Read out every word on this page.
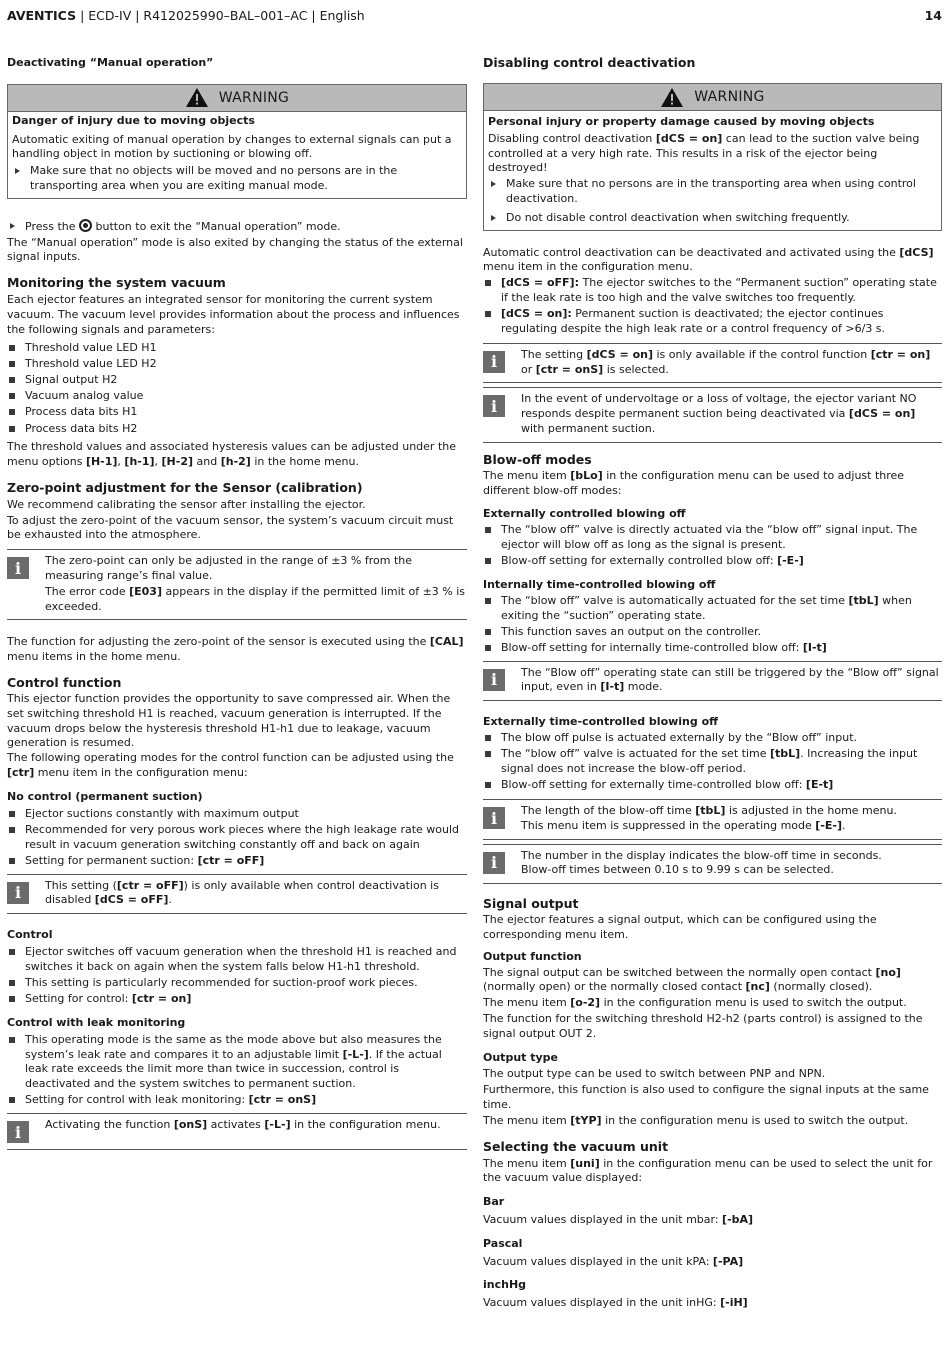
AVENTICS | ECD-IV | R412025990–BAL–001–AC | English	14

Deactivating “Manual operation”

WARNING

Danger of injury due to moving objects

Automatic exiting of manual operation by changes to external signals can put a handling object in motion by suctioning or blowing off.

Make sure that no objects will be moved and no persons are in the transporting area when you are exiting manual mode.
Press the  button to exit the “Manual operation” mode.

The “Manual operation” mode is also exited by changing the status of the external signal inputs.

Monitoring the system vacuum

Each ejector features an integrated sensor for monitoring the current system vacuum. The vacuum level provides information about the process and influences the following signals and parameters:

Threshold value LED H1
Threshold value LED H2
Signal output H2
Vacuum analog value
Process data bits H1
Process data bits H2

The threshold values and associated hysteresis values can be adjusted under the menu options [H-1], [h-1], [H-2] and [h-2] in the home menu.

Zero-point adjustment for the Sensor (calibration)

We recommend calibrating the sensor after installing the ejector.

To adjust the zero-point of the vacuum sensor, the system’s vacuum circuit must be exhausted into the atmosphere.

i	The zero-point can only be adjusted in the range of ±3 % from the measuring range’s final value.

The error code [E03] appears in the display if the permitted limit of ±3 % is exceeded.

The function for adjusting the zero-point of the sensor is executed using the [CAL] menu items in the home menu.

Control function

This ejector function provides the opportunity to save compressed air. When the set switching threshold H1 is reached, vacuum generation is interrupted. If the vacuum drops below the hysteresis threshold H1-h1 due to leakage, vacuum generation is resumed.

The following operating modes for the control function can be adjusted using the [ctr] menu item in the configuration menu:

No control (permanent suction)

Ejector suctions constantly with maximum output
Recommended for very porous work pieces where the high leakage rate would result in vacuum generation switching constantly off and back on again
Setting for permanent suction: [ctr = oFF]
i	This setting ([ctr = oFF]) is only available when control deactivation is disabled [dCS = oFF].

Control

Ejector switches off vacuum generation when the threshold H1 is reached and switches it back on again when the system falls below H1-h1 threshold.
This setting is particularly recommended for suction-proof work pieces.
Setting for control: [ctr = on]

Control with leak monitoring

This operating mode is the same as the mode above but also measures the system’s leak rate and compares it to an adjustable limit [-L-]. If the actual leak rate exceeds the limit more than twice in succession, control is deactivated and the system switches to permanent suction.
Setting for control with leak monitoring: [ctr = onS]
i	Activating the function [onS] activates [-L-] in the configuration menu.

Disabling control deactivation

WARNING

Personal injury or property damage caused by moving objects

Disabling control deactivation [dCS = on] can lead to the suction valve being controlled at a very high rate. This results in a risk of the ejector being destroyed!

Make sure that no persons are in the transporting area when using control deactivation.
Do not disable control deactivation when switching frequently.

Automatic control deactivation can be deactivated and activated using the [dCS] menu item in the configuration menu.

[dCS = oFF]: The ejector switches to the “Permanent suction” operating state if the leak rate is too high and the valve switches too frequently.
[dCS = on]: Permanent suction is deactivated; the ejector continues regulating despite the high leak rate or a control frequency of >6/3 s.
i	The setting [dCS = on] is only available if the control function [ctr = on] or [ctr = onS] is selected.

i	In the event of undervoltage or a loss of voltage, the ejector variant NO responds despite permanent suction being deactivated via [dCS = on] with permanent suction.

Blow-off modes

The menu item [bLo] in the configuration menu can be used to adjust three different blow-off modes:

Externally controlled blowing off

The “blow off” valve is directly actuated via the “blow off” signal input. The ejector will blow off as long as the signal is present.
Blow-off setting for externally controlled blow off: [-E-]

Internally time-controlled blowing off

The “blow off” valve is automatically actuated for the set time [tbL] when exiting the “suction” operating state.
This function saves an output on the controller.
Blow-off setting for internally time-controlled blow off: [I-t]
i	The “Blow off” operating state can still be triggered by the “Blow off” signal input, even in [I-t] mode.

Externally time-controlled blowing off

The blow off pulse is actuated externally by the “Blow off” input.
The “blow off” valve is actuated for the set time [tbL]. Increasing the input signal does not increase the blow-off period.
Blow-off setting for externally time-controlled blow off: [E-t]
i	The length of the blow-off time [tbL] is adjusted in the home menu.

This menu item is suppressed in the operating mode [-E-].

i	The number in the display indicates the blow-off time in seconds.

Blow-off times between 0.10 s to 9.99 s can be selected.

Signal output

The ejector features a signal output, which can be configured using the corresponding menu item.

Output function

The signal output can be switched between the normally open contact [no] (normally open) or the normally closed contact [nc] (normally closed).

The menu item [o-2] in the configuration menu is used to switch the output.

The function for the switching threshold H2-h2 (parts control) is assigned to the signal output OUT 2.

Output type

The output type can be used to switch between PNP and NPN.

Furthermore, this function is also used to configure the signal inputs at the same time.

The menu item [tYP] in the configuration menu is used to switch the output.

Selecting the vacuum unit

The menu item [uni] in the configuration menu can be used to select the unit for the vacuum value displayed:

Bar

Vacuum values displayed in the unit mbar: [-bA]

Pascal

Vacuum values displayed in the unit kPA: [-PA]

inchHg

Vacuum values displayed in the unit inHG: [-iH]
